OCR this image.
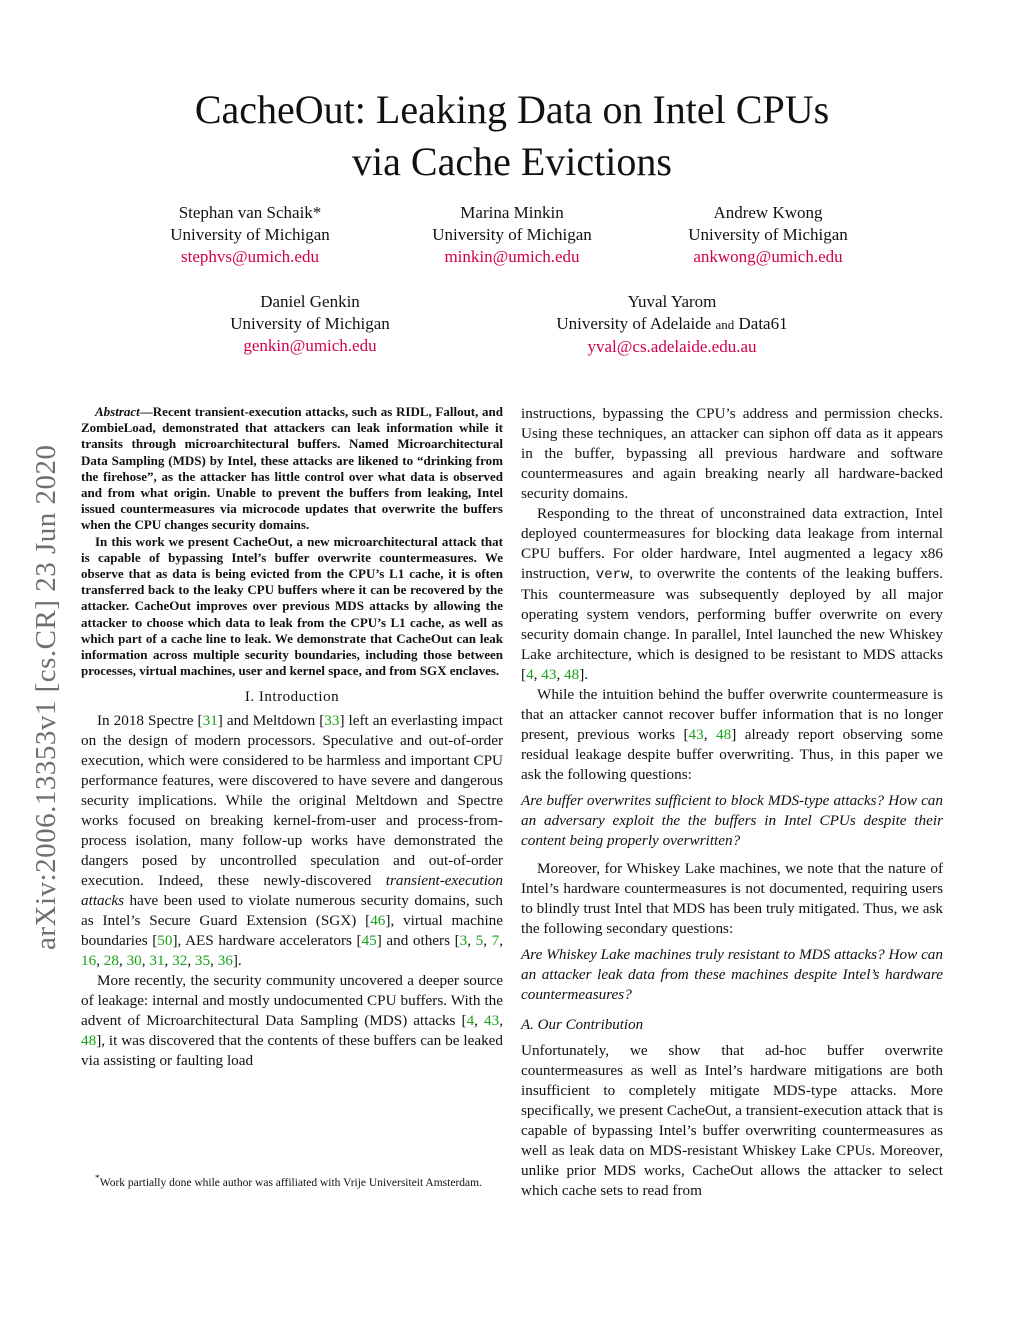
arXiv:2006.13353v1 [cs.CR] 23 Jun 2020
CacheOut: Leaking Data on Intel CPUs
via Cache Evictions
Stephan van Schaik*
University of Michigan
stephvs@umich.edu
Marina Minkin
University of Michigan
minkin@umich.edu
Andrew Kwong
University of Michigan
ankwong@umich.edu
Daniel Genkin
University of Michigan
genkin@umich.edu
Yuval Yarom
University of Adelaide and Data61
yval@cs.adelaide.edu.au

Abstract—Recent transient-execution attacks, such as RIDL, Fallout, and ZombieLoad, demonstrated that attackers can leak information while it transits through microarchitectural buffers. Named Microarchitectural Data Sampling (MDS) by Intel, these attacks are likened to “drinking from the firehose”, as the attacker has little control over what data is observed and from what origin. Unable to prevent the buffers from leaking, Intel issued countermeasures via microcode updates that overwrite the buffers when the CPU changes security domains.

In this work we present CacheOut, a new microarchitectural attack that is capable of bypassing Intel’s buffer overwrite countermeasures. We observe that as data is being evicted from the CPU’s L1 cache, it is often transferred back to the leaky CPU buffers where it can be recovered by the attacker. CacheOut improves over previous MDS attacks by allowing the attacker to choose which data to leak from the CPU’s L1 cache, as well as which part of a cache line to leak. We demonstrate that CacheOut can leak information across multiple security boundaries, including those between processes, virtual machines, user and kernel space, and from SGX enclaves.

I. Introduction

In 2018 Spectre [31] and Meltdown [33] left an everlasting impact on the design of modern processors. Speculative and out-of-order execution, which were considered to be harmless and important CPU performance features, were discovered to have severe and dangerous security implications. While the original Meltdown and Spectre works focused on breaking kernel-from-user and process-from-process isolation, many follow-up works have demonstrated the dangers posed by uncontrolled speculation and out-of-order execution. Indeed, these newly-discovered transient-execution attacks have been used to violate numerous security domains, such as Intel’s Secure Guard Extension (SGX) [46], virtual machine boundaries [50], AES hardware accelerators [45] and others [3, 5, 7, 16, 28, 30, 31, 32, 35, 36].

More recently, the security community uncovered a deeper source of leakage: internal and mostly undocumented CPU buffers. With the advent of Microarchitectural Data Sampling (MDS) attacks [4, 43, 48], it was discovered that the contents of these buffers can be leaked via assisting or faulting load

instructions, bypassing the CPU’s address and permission checks. Using these techniques, an attacker can siphon off data as it appears in the buffer, bypassing all previous hardware and software countermeasures and again breaking nearly all hardware-backed security domains.

Responding to the threat of unconstrained data extraction, Intel deployed countermeasures for blocking data leakage from internal CPU buffers. For older hardware, Intel augmented a legacy x86 instruction, verw, to overwrite the contents of the leaking buffers. This countermeasure was subsequently deployed by all major operating system vendors, performing buffer overwrite on every security domain change. In parallel, Intel launched the new Whiskey Lake architecture, which is designed to be resistant to MDS attacks [4, 43, 48].

While the intuition behind the buffer overwrite countermeasure is that an attacker cannot recover buffer information that is no longer present, previous works [43, 48] already report observing some residual leakage despite buffer overwriting. Thus, in this paper we ask the following questions:

Are buffer overwrites sufficient to block MDS-type attacks? How can an adversary exploit the the buffers in Intel CPUs despite their content being properly overwritten?

Moreover, for Whiskey Lake machines, we note that the nature of Intel’s hardware countermeasures is not documented, requiring users to blindly trust Intel that MDS has been truly mitigated. Thus, we ask the following secondary questions:

Are Whiskey Lake machines truly resistant to MDS attacks? How can an attacker leak data from these machines despite Intel’s hardware countermeasures?

A. Our Contribution

Unfortunately, we show that ad-hoc buffer overwrite countermeasures as well as Intel’s hardware mitigations are both insufficient to completely mitigate MDS-type attacks. More specifically, we present CacheOut, a transient-execution attack that is capable of bypassing Intel’s buffer overwriting countermeasures as well as leak data on MDS-resistant Whiskey Lake CPUs. Moreover, unlike prior MDS works, CacheOut allows the attacker to select which cache sets to read from

*Work partially done while author was affiliated with Vrije Universiteit Amsterdam.
